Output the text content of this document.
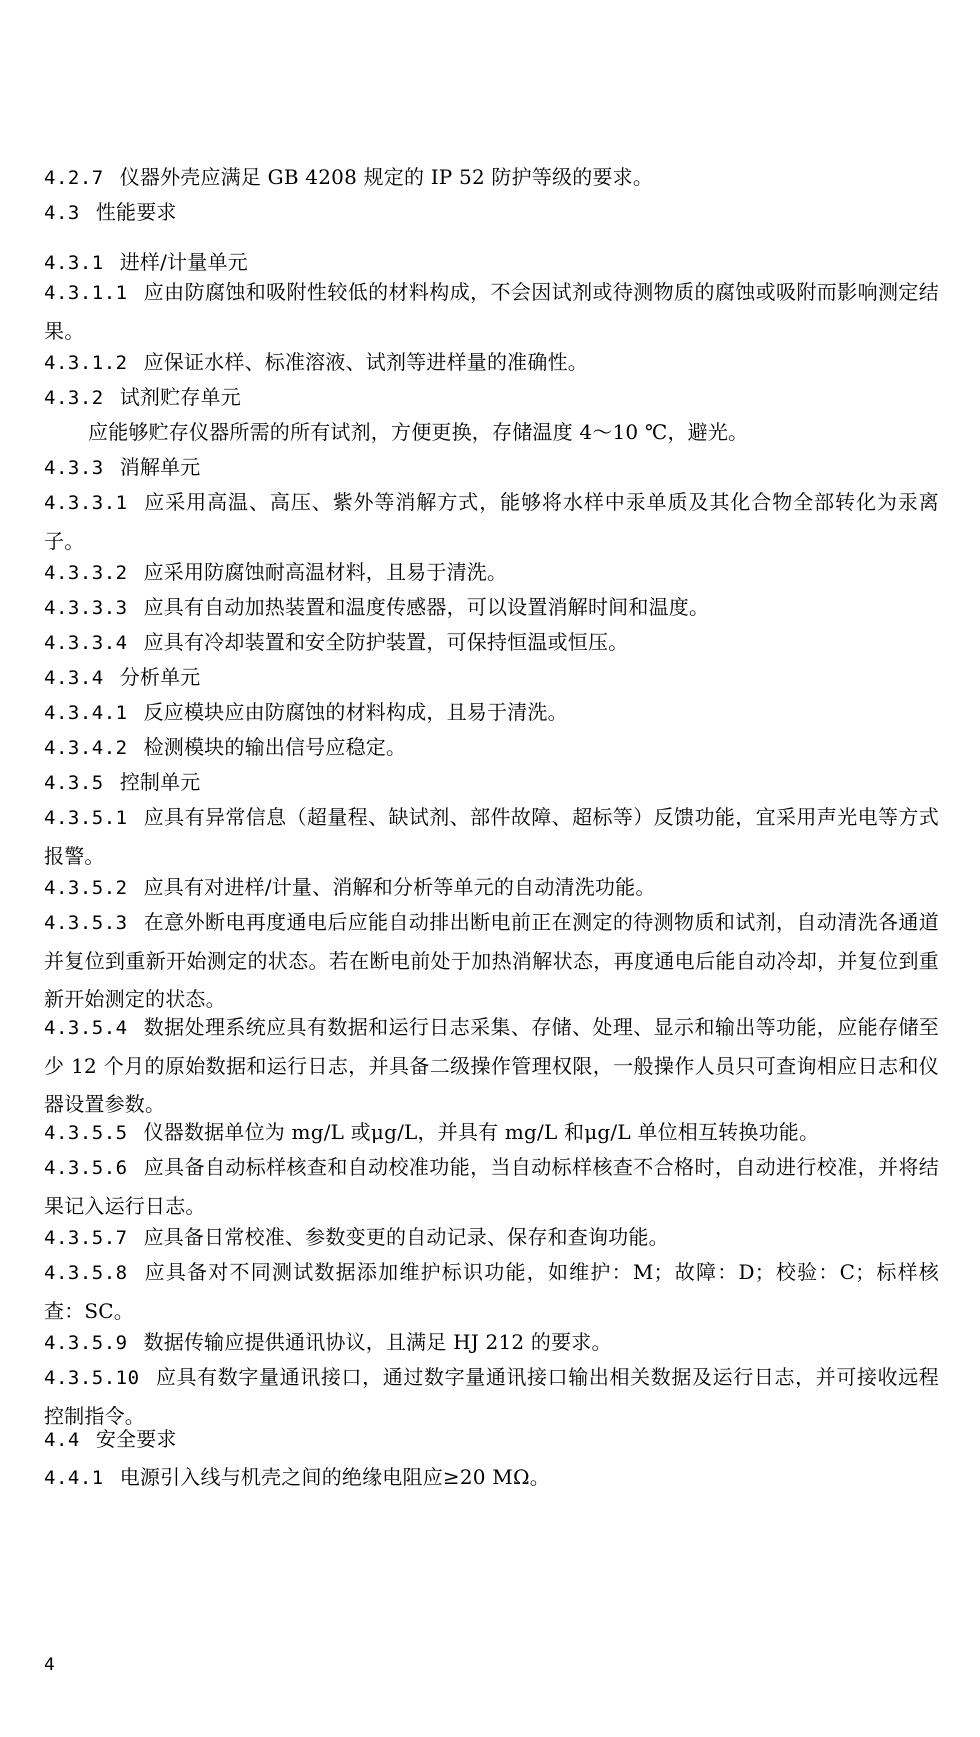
4.2.7 仪器外壳应满足 GB 4208 规定的 IP 52 防护等级的要求。

4.3 性能要求

4.3.1 进样/计量单元

4.3.1.1 应由防腐蚀和吸附性较低的材料构成，不会因试剂或待测物质的腐蚀或吸附而影响测定结果。

4.3.1.2 应保证水样、标准溶液、试剂等进样量的准确性。

4.3.2 试剂贮存单元

应能够贮存仪器所需的所有试剂，方便更换，存储温度 4～10 ℃，避光。

4.3.3 消解单元

4.3.3.1 应采用高温、高压、紫外等消解方式，能够将水样中汞单质及其化合物全部转化为汞离子。

4.3.3.2 应采用防腐蚀耐高温材料，且易于清洗。

4.3.3.3 应具有自动加热装置和温度传感器，可以设置消解时间和温度。

4.3.3.4 应具有冷却装置和安全防护装置，可保持恒温或恒压。

4.3.4 分析单元

4.3.4.1 反应模块应由防腐蚀的材料构成，且易于清洗。

4.3.4.2 检测模块的输出信号应稳定。

4.3.5 控制单元

4.3.5.1 应具有异常信息（超量程、缺试剂、部件故障、超标等）反馈功能，宜采用声光电等方式报警。

4.3.5.2 应具有对进样/计量、消解和分析等单元的自动清洗功能。

4.3.5.3 在意外断电再度通电后应能自动排出断电前正在测定的待测物质和试剂，自动清洗各通道并复位到重新开始测定的状态。若在断电前处于加热消解状态，再度通电后能自动冷却，并复位到重新开始测定的状态。

4.3.5.4 数据处理系统应具有数据和运行日志采集、存储、处理、显示和输出等功能，应能存储至少 12 个月的原始数据和运行日志，并具备二级操作管理权限，一般操作人员只可查询相应日志和仪器设置参数。

4.3.5.5 仪器数据单位为 mg/L 或μg/L，并具有 mg/L 和μg/L 单位相互转换功能。

4.3.5.6 应具备自动标样核查和自动校准功能，当自动标样核查不合格时，自动进行校准，并将结果记入运行日志。

4.3.5.7 应具备日常校准、参数变更的自动记录、保存和查询功能。

4.3.5.8 应具备对不同测试数据添加维护标识功能，如维护：M；故障：D；校验：C；标样核查：SC。

4.3.5.9 数据传输应提供通讯协议，且满足 HJ 212 的要求。

4.3.5.10 应具有数字量通讯接口，通过数字量通讯接口输出相关数据及运行日志，并可接收远程控制指令。

4.4 安全要求

4.4.1 电源引入线与机壳之间的绝缘电阻应≥20 MΩ。

4
